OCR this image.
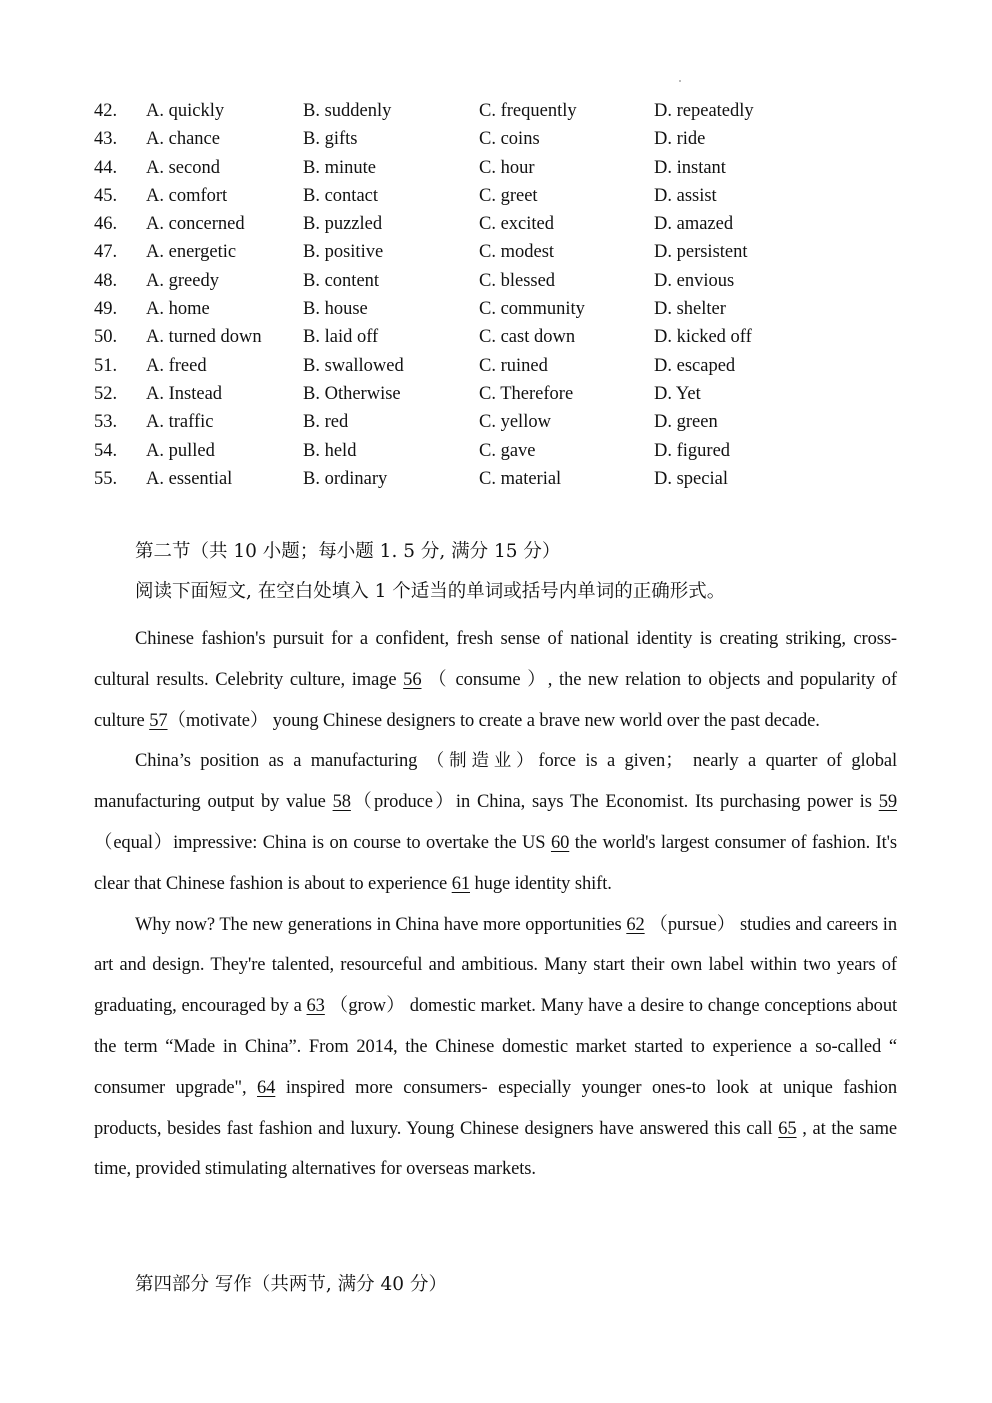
42. A. quickly	B. suddenly	C. frequently	D. repeatedly
43. A. chance	B. gifts	C. coins	D. ride
44. A. second	B. minute	C. hour	D. instant
45. A. comfort	B. contact	C. greet	D. assist
46. A. concerned	B. puzzled	C. excited	D. amazed
47. A. energetic	B. positive	C. modest	D. persistent
48. A. greedy	B. content	C. blessed	D. envious
49. A. home	B. house	C. community	D. shelter
50. A. turned down B. laid off	C. cast down	D. kicked off
51. A. freed	B. swallowed	C. ruined	D. escaped
52. A. Instead	B. Otherwise	C. Therefore	D. Yet
53. A. traffic	B. red	C. yellow	D. green
54. A. pulled	B. held	C. gave	D. figured
55. A. essential	B. ordinary	C. material	D. special
第二节（共 10 小题；每小题 1. 5 分, 满分 15 分）
阅读下面短文, 在空白处填入 1 个适当的单词或括号内单词的正确形式。

Chinese fashion's pursuit for a confident, fresh sense of national identity is creating striking, cross-cultural results. Celebrity culture, image 56 （ consume ）, the new relation to objects and popularity of culture 57（motivate） young Chinese designers to create a brave new world over the past decade.

China’s position as a manufacturing （制造业）force is a given； nearly a quarter of global manufacturing output by value 58（produce）in China, says The Economist. Its purchasing power is 59（equal）impressive: China is on course to overtake the US 60 the world's largest consumer of fashion. It's clear that Chinese fashion is about to experience 61 huge identity shift.

Why now? The new generations in China have more opportunities 62 （pursue） studies and careers in art and design. They're talented, resourceful and ambitious. Many start their own label within two years of graduating, encouraged by a 63 （grow） domestic market. Many have a desire to change conceptions about the term “Made in China”. From 2014, the Chinese domestic market started to experience a so-called “ consumer upgrade", 64 inspired more consumers- especially younger ones-to look at unique fashion products, besides fast fashion and luxury. Young Chinese designers have answered this call 65 , at the same time, provided stimulating alternatives for overseas markets.

第四部分 写作（共两节, 满分 40 分）
